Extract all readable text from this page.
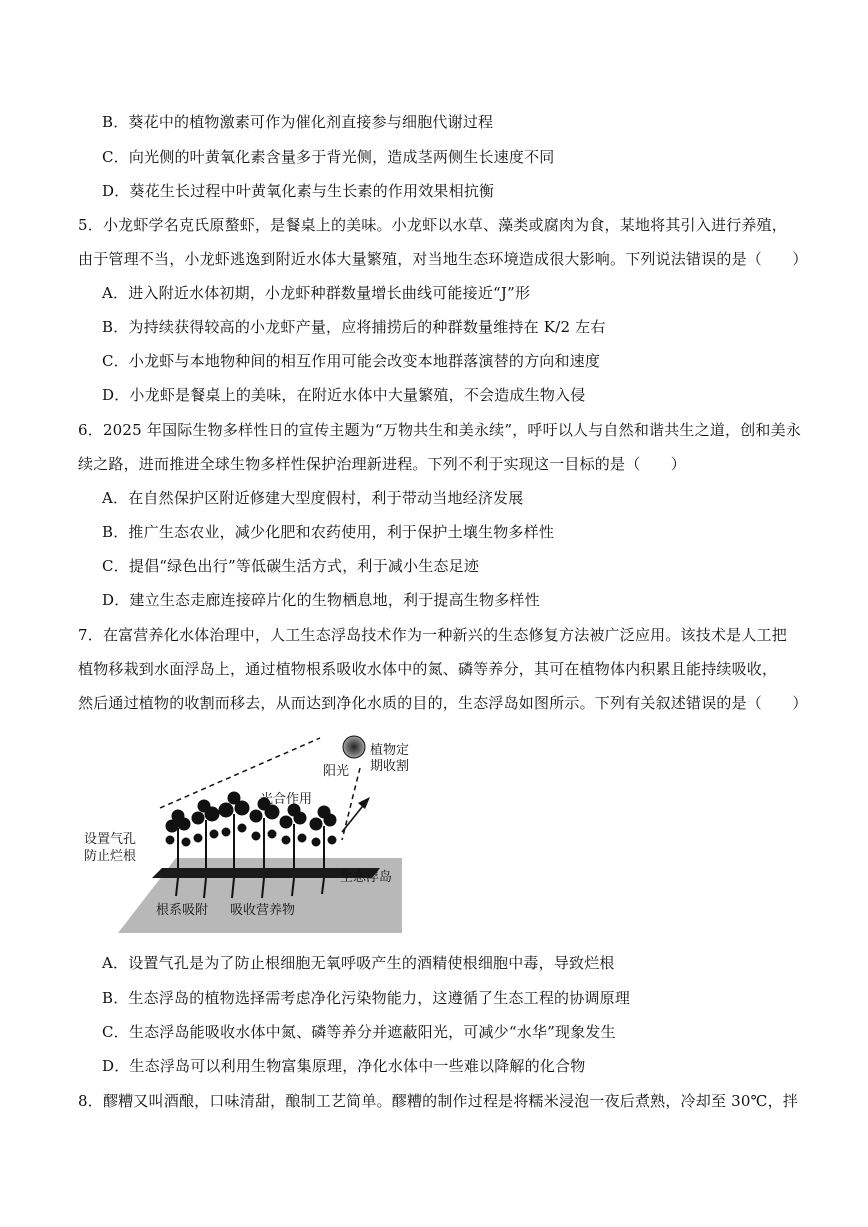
B．葵花中的植物激素可作为催化剂直接参与细胞代谢过程
C．向光侧的叶黄氧化素含量多于背光侧，造成茎两侧生长速度不同
D．葵花生长过程中叶黄氧化素与生长素的作用效果相抗衡
5．小龙虾学名克氏原螯虾，是餐桌上的美味。小龙虾以水草、藻类或腐肉为食，某地将其引入进行养殖，
由于管理不当，小龙虾逃逸到附近水体大量繁殖，对当地生态环境造成很大影响。下列说法错误的是（　　）
A．进入附近水体初期，小龙虾种群数量增长曲线可能接近“J”形
B．为持续获得较高的小龙虾产量，应将捕捞后的种群数量维持在 K/2 左右
C．小龙虾与本地物种间的相互作用可能会改变本地群落演替的方向和速度
D．小龙虾是餐桌上的美味，在附近水体中大量繁殖，不会造成生物入侵
6．2025 年国际生物多样性日的宣传主题为“万物共生和美永续”，呼吁以人与自然和谐共生之道，创和美永
续之路，进而推进全球生物多样性保护治理新进程。下列不利于实现这一目标的是（　　）
A．在自然保护区附近修建大型度假村，利于带动当地经济发展
B．推广生态农业，减少化肥和农药使用，利于保护土壤生物多样性
C．提倡“绿色出行”等低碳生活方式，利于减小生态足迹
D．建立生态走廊连接碎片化的生物栖息地，利于提高生物多样性
7．在富营养化水体治理中，人工生态浮岛技术作为一种新兴的生态修复方法被广泛应用。该技术是人工把
植物移栽到水面浮岛上，通过植物根系吸收水体中的氮、磷等养分，其可在植物体内积累且能持续吸收，
然后通过植物的收割而移去，从而达到净化水质的目的，生态浮岛如图所示。下列有关叙述错误的是（　　）
阳光
植物定
期收割
光合作用
设置气孔
防止烂根
生态浮岛
根系吸附 吸收营养物
A．设置气孔是为了防止根细胞无氧呼吸产生的酒精使根细胞中毒，导致烂根
B．生态浮岛的植物选择需考虑净化污染物能力，这遵循了生态工程的协调原理
C．生态浮岛能吸收水体中氮、磷等养分并遮蔽阳光，可减少“水华”现象发生
D．生态浮岛可以利用生物富集原理，净化水体中一些难以降解的化合物
8．醪糟又叫酒酿，口味清甜，酿制工艺简单。醪糟的制作过程是将糯米浸泡一夜后煮熟，冷却至 30℃，拌
